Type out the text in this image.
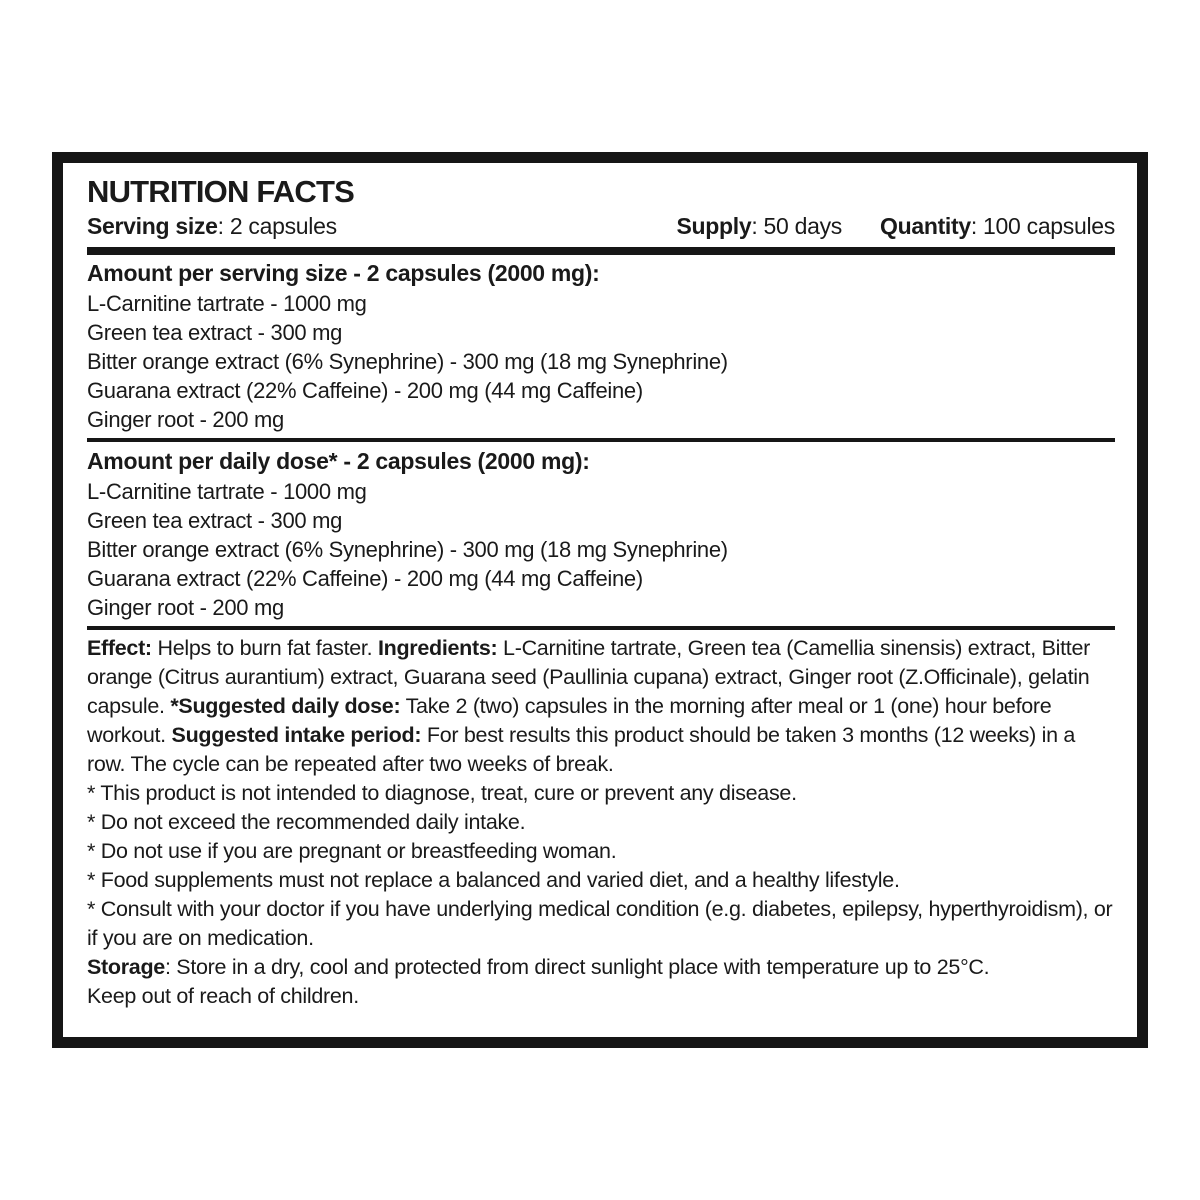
NUTRITION FACTS
Serving size: 2 capsules	Supply: 50 days Quantity: 100 capsules
Amount per serving size - 2 capsules (2000 mg):
L-Carnitine tartrate - 1000 mg
Green tea extract - 300 mg
Bitter orange extract (6% Synephrine) - 300 mg (18 mg Synephrine)
Guarana extract (22% Caffeine) - 200 mg (44 mg Caffeine)
Ginger root - 200 mg
Amount per daily dose* - 2 capsules (2000 mg):
L-Carnitine tartrate - 1000 mg
Green tea extract - 300 mg
Bitter orange extract (6% Synephrine) - 300 mg (18 mg Synephrine)
Guarana extract (22% Caffeine) - 200 mg (44 mg Caffeine)
Ginger root - 200 mg

Effect: Helps to burn fat faster. Ingredients: L-Carnitine tartrate, Green tea (Camellia sinensis) extract, Bitter orange (Citrus aurantium) extract, Guarana seed (Paullinia cupana) extract, Ginger root (Z.Officinale), gelatin capsule. *Suggested daily dose: Take 2 (two) capsules in the morning after meal or 1 (one) hour before workout. Suggested intake period: For best results this product should be taken 3 months (12 weeks) in a row. The cycle can be repeated after two weeks of break.

* This product is not intended to diagnose, treat, cure or prevent any disease.
* Do not exceed the recommended daily intake.
* Do not use if you are pregnant or breastfeeding woman.
* Food supplements must not replace a balanced and varied diet, and a healthy lifestyle.
* Consult with your doctor if you have underlying medical condition (e.g. diabetes, epilepsy, hyperthyroidism), or if you are on medication.
Storage: Store in a dry, cool and protected from direct sunlight place with temperature up to 25°C.
Keep out of reach of children.
